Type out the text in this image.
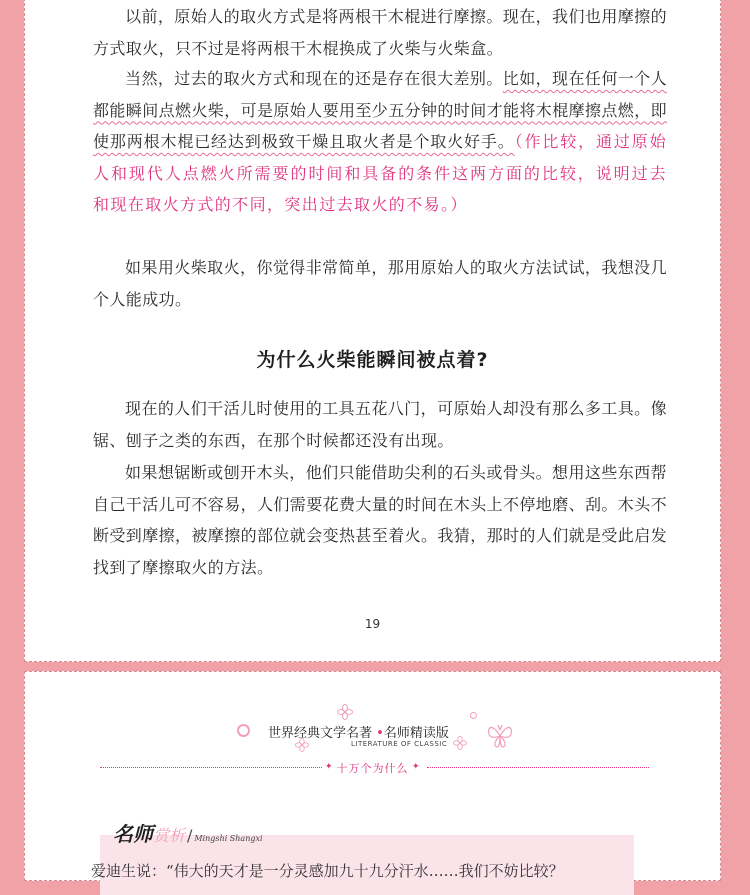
以前，原始人的取火方式是将两根干木棍进行摩擦。现在，我们也用摩擦的方式取火，只不过是将两根干木棍换成了火柴与火柴盒。

当然，过去的取火方式和现在的还是存在很大差别。比如，现在任何一个人都能瞬间点燃火柴，可是原始人要用至少五分钟的时间才能将木棍摩擦点燃，即使那两根木棍已经达到极致干燥且取火者是个取火好手。（作比较，通过原始人和现代人点燃火所需要的时间和具备的条件这两方面的比较，说明过去和现在取火方式的不同，突出过去取火的不易。）

如果用火柴取火，你觉得非常简单，那用原始人的取火方法试试，我想没几个人能成功。

为什么火柴能瞬间被点着?

现在的人们干活儿时使用的工具五花八门，可原始人却没有那么多工具。像锯、刨子之类的东西，在那个时候都还没有出现。

如果想锯断或刨开木头，他们只能借助尖利的石头或骨头。想用这些东西帮自己干活儿可不容易，人们需要花费大量的时间在木头上不停地磨、刮。木头不断受到摩擦，被摩擦的部位就会变热甚至着火。我猜，那时的人们就是受此启发找到了摩擦取火的方法。

19
世界经典文学名著 •名师精读版
LITERATURE OF CLASSIC
✦ 十万个为什么 ✦
名师赏析 / Mingshi Shangxi

　爱迪生说：“伟大的天才是一分灵感加九十九分汗水……我们不妨比较？
